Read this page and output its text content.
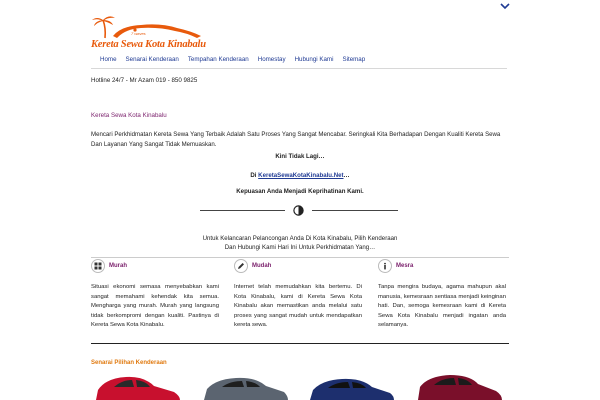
7 waves
Kereta Sewa Kota Kinabalu
Home	Senarai Kenderaan	Tempahan Kenderaan	Homestay	Hubungi Kami	Sitemap
Hotline 24/7 - Mr Azam 019 - 850 9825
Kereta Sewa Kota Kinabalu

Mencari Perkhidmatan Kereta Sewa Yang Terbaik Adalah Satu Proses Yang Sangat Mencabar. Seringkali Kita Berhadapan Dengan Kualiti Kereta Sewa Dan Layanan Yang Sangat Tidak Memuaskan.

Kini Tidak Lagi…
Di KeretaSewaKotaKinabalu.Net…
Kepuasan Anda Menjadi Keprihatinan Kami.
Untuk Kelancaran Pelancongan Anda Di Kota Kinabalu, Pilih Kenderaan
Dan Hubungi Kami Hari Ini Untuk Perkhidmatan Yang…
Murah

Situasi ekonomi semasa menyebabkan kami sangat memahami kehendak kita semua. Mengharga yang murah. Murah yang langsung tidak berkompromi dengan kualiti. Pastinya di Kereta Sewa Kota Kinabalu.

Mudah

Internet telah memudahkan kita bertemu. Di Kota Kinabalu, kami di Kereta Sewa Kota Kinabalu akan memastikan anda melalui satu proses yang sangat mudah untuk mendapatkan kereta sewa.

Mesra

Tanpa mengira budaya, agama mahupun akal manusia, kemesraan sentiasa menjadi keinginan hati. Dan, semoga kemesraan kami di Kereta Sewa Kota Kinabalu menjadi ingatan anda selamanya.

Senarai Pilihan Kenderaan
